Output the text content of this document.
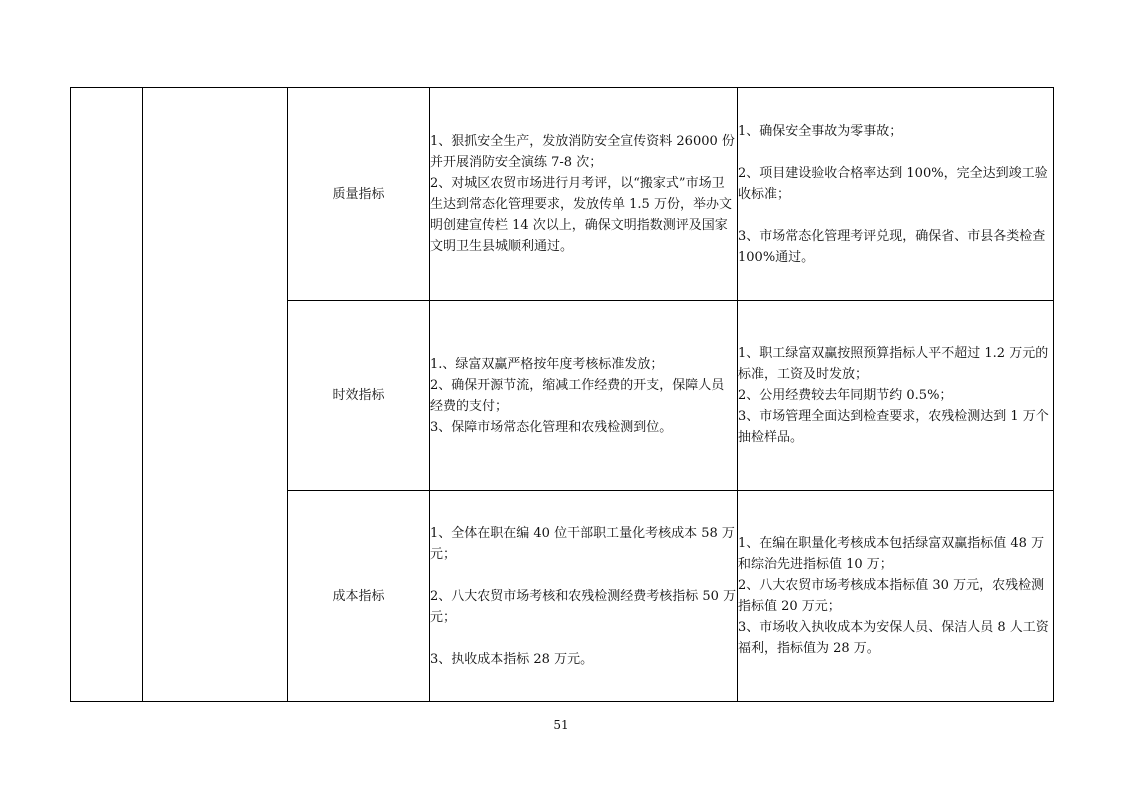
		质量指标	1、狠抓安全生产，发放消防安全宣传资料 26000 份并开展消防安全演练 7-8 次；
2、对城区农贸市场进行月考评，以“搬家式”市场卫生达到常态化管理要求，发放传单 1.5 万份，举办文明创建宣传栏 14 次以上，确保文明指数测评及国家文明卫生县城顺利通过。	1、确保安全事故为零事故；
2、项目建设验收合格率达到 100%，完全达到竣工验收标准；
3、市场常态化管理考评兑现，确保省、市县各类检查 100%通过。

		时效指标	1.、绿富双赢严格按年度考核标准发放；
2、确保开源节流，缩减工作经费的开支，保障人员经费的支付；
3、保障市场常态化管理和农残检测到位。	1、职工绿富双赢按照预算指标人平不超过 1.2 万元的标准，工资及时发放；
2、公用经费较去年同期节约 0.5%；
3、市场管理全面达到检查要求，农残检测达到 1 万个抽检样品。

		成本指标	1、全体在职在编 40 位干部职工量化考核成本 58 万元；
2、八大农贸市场考核和农残检测经费考核指标 50 万元；
3、执收成本指标 28 万元。	1、在编在职量化考核成本包括绿富双赢指标值 48 万和综治先进指标值 10 万；
2、八大农贸市场考核成本指标值 30 万元，农残检测指标值 20 万元；
3、市场收入执收成本为安保人员、保洁人员 8 人工资福利，指标值为 28 万。
51
